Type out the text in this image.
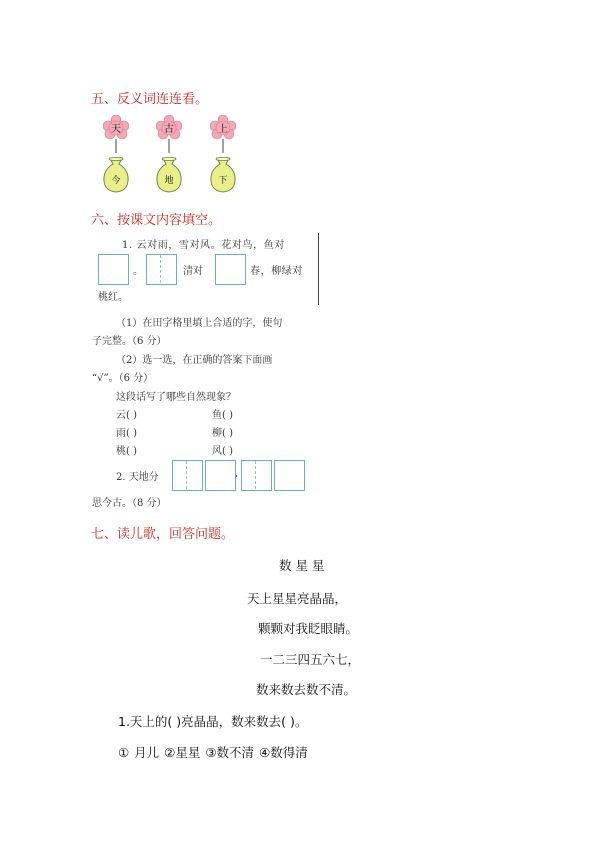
五、反义词连连看。
天	古	上
今	地	下
六、按课文内容填空。
1. 云对雨，雪对风。花对鸟，鱼对
。	清对	春，柳绿对
桃红。
（1）在田字格里填上合适的字，使句
子完整。（6 分）
（2）选一选，在正确的答案下面画
“√”。（6 分）
这段话写了哪些自然现象？
云( )	鱼( )
雨( )	柳( )
桃( )	风( )
2. 天地分	,
思今古。（8 分）
七、读儿歌，回答问题。
数 星 星
天上星星亮晶晶，
颗颗对我眨眼睛。
一二三四五六七，
数来数去数不清。
1.天上的( )亮晶晶，数来数去( )。
① 月儿 ②星星 ③数不清 ④数得清
